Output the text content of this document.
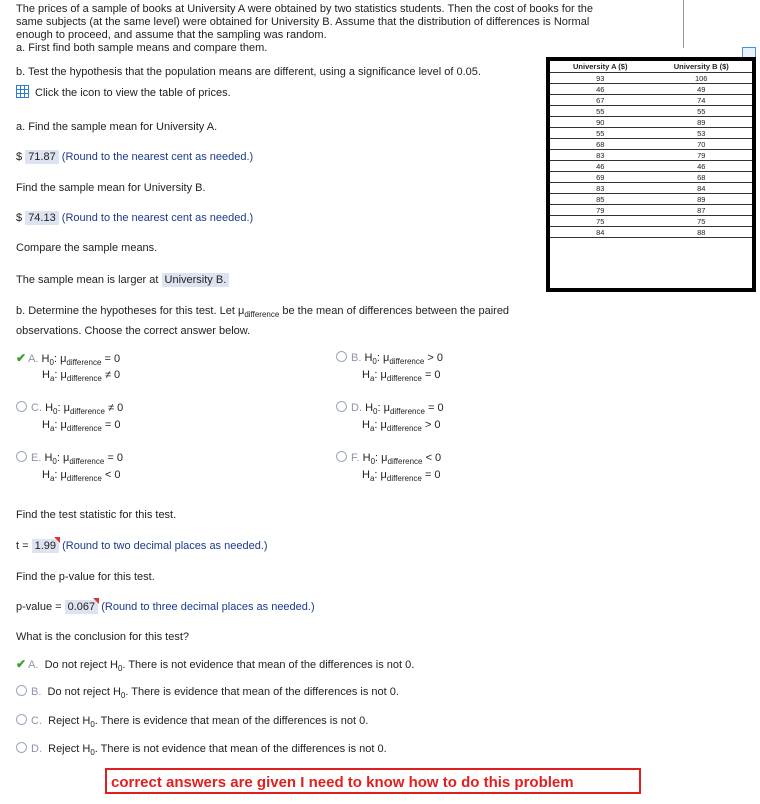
The prices of a sample of books at University A were obtained by two statistics students. Then the cost of books for the
same subjects (at the same level) were obtained for University B. Assume that the distribution of differences is Normal
enough to proceed, and assume that the sampling was random.
a. First find both sample means and compare them.
b. Test the hypothesis that the population means are different, using a significance level of 0.05.
Click the icon to view the table of prices.
a. Find the sample mean for University A.
$ 71.87 (Round to the nearest cent as needed.)
Find the sample mean for University B.
$ 74.13 (Round to the nearest cent as needed.)
Compare the sample means.
The sample mean is larger at University B.
b. Determine the hypotheses for this test. Let $\mu_{difference}$ be the mean of differences between the paired
observations. Choose the correct answer below.
✔ A. $H_0$: $\mu_{difference} = 0$
$H_a$: $\mu_{difference} \ne 0$
B. $H_0$: $\mu_{difference} > 0$
$H_a$: $\mu_{difference} = 0$
C. $H_0$: $\mu_{difference} \ne 0$
$H_a$: $\mu_{difference} = 0$
D. $H_0$: $\mu_{difference} = 0$
$H_a$: $\mu_{difference} > 0$
E. $H_0$: $\mu_{difference} = 0$
$H_a$: $\mu_{difference} < 0$
F. $H_0$: $\mu_{difference} < 0$
$H_a$: $\mu_{difference} = 0$
Find the test statistic for this test.
t = 1.99 (Round to two decimal places as needed.)
Find the p-value for this test.
p-value = 0.067 (Round to three decimal places as needed.)
What is the conclusion for this test?
✔ A. Do not reject $H_0$. There is not evidence that mean of the differences is not 0.
B. Do not reject $H_0$. There is evidence that mean of the differences is not 0.
C. Reject $H_0$. There is evidence that mean of the differences is not 0.
D. Reject $H_0$. There is not evidence that mean of the differences is not 0.
University A ($)	University B ($)
93	106
46	49
67	74
55	55
90	89
55	53
68	70
83	79
46	46
69	68
83	84
85	89
79	87
75	75
84	88
correct answers are given I need to know how to do this problem
